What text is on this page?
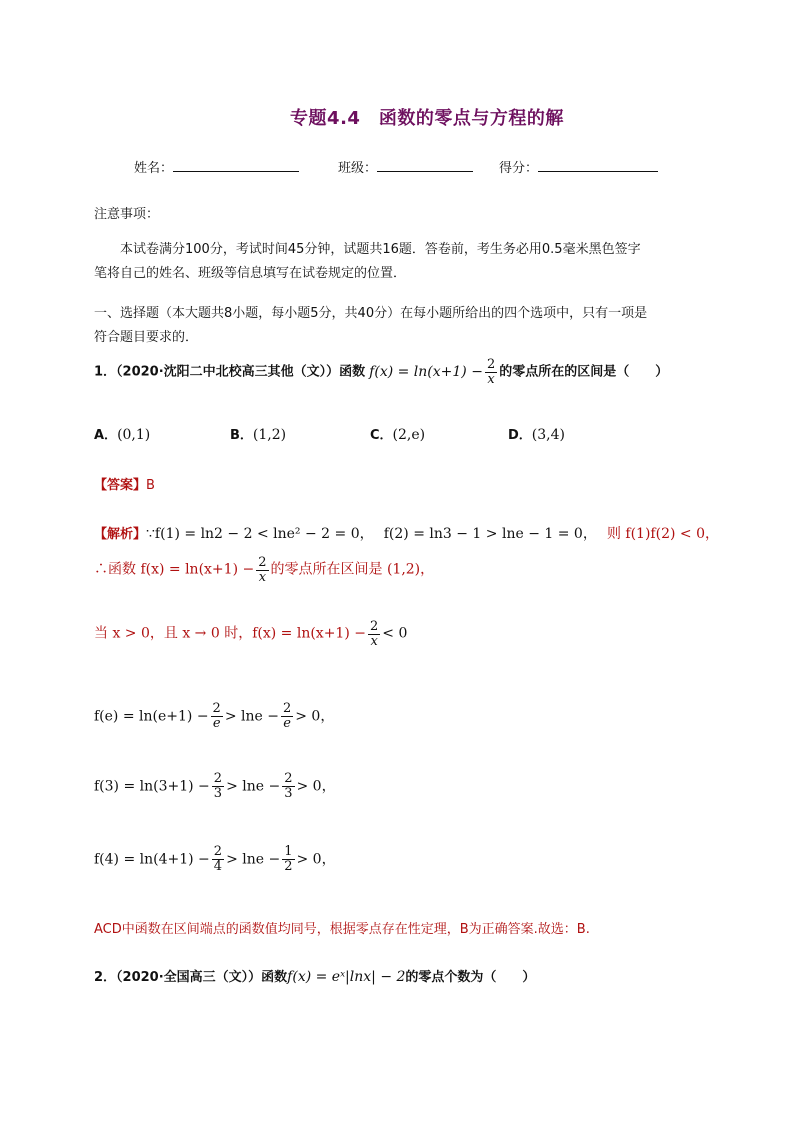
专题4.4　函数的零点与方程的解
姓名：	班级：	得分：
注意事项：
本试卷满分100分，考试时间45分钟，试题共16题．答卷前，考生务必用0.5毫米黑色签字
笔将自己的姓名、班级等信息填写在试卷规定的位置．
一、选择题（本大题共8小题，每小题5分，共40分）在每小题所给出的四个选项中，只有一项是
符合题目要求的．
1．（2020·沈阳二中北校高三其他（文））函数 $f(x) = \ln(x+1) - \frac{2}{x}$ 的零点所在的区间是（　　）
A．(0,1)	B．(1,2)	C．(2,e)	D．(3,4)
【答案】B
【解析】∵f(1) = ln2 − 2 < lne² − 2 = 0， f(2) = ln3 − 1 > lne − 1 = 0， 则 f(1)f(2) < 0，
∴函数 $f(x) = \ln(x+1) - \frac{2}{x}$ 的零点所在区间是 (1,2)，
当 x > 0，且 x → 0 时，$f(x) = \ln(x+1) - \frac{2}{x} < 0$
$f(e) = \ln(e+1) - \frac{2}{e} > \ln e - \frac{2}{e} > 0$，
$f(3) = \ln(3+1) - \frac{2}{3} > \ln e - \frac{2}{3} > 0$，
$f(4) = \ln(4+1) - \frac{2}{4} > \ln e - \frac{1}{2} > 0$，
ACD中函数在区间端点的函数值均同号，根据零点存在性定理，B为正确答案.故选：B.
2．（2020·全国高三（文））函数f(x) = eˣ|lnx| − 2的零点个数为（　　）
